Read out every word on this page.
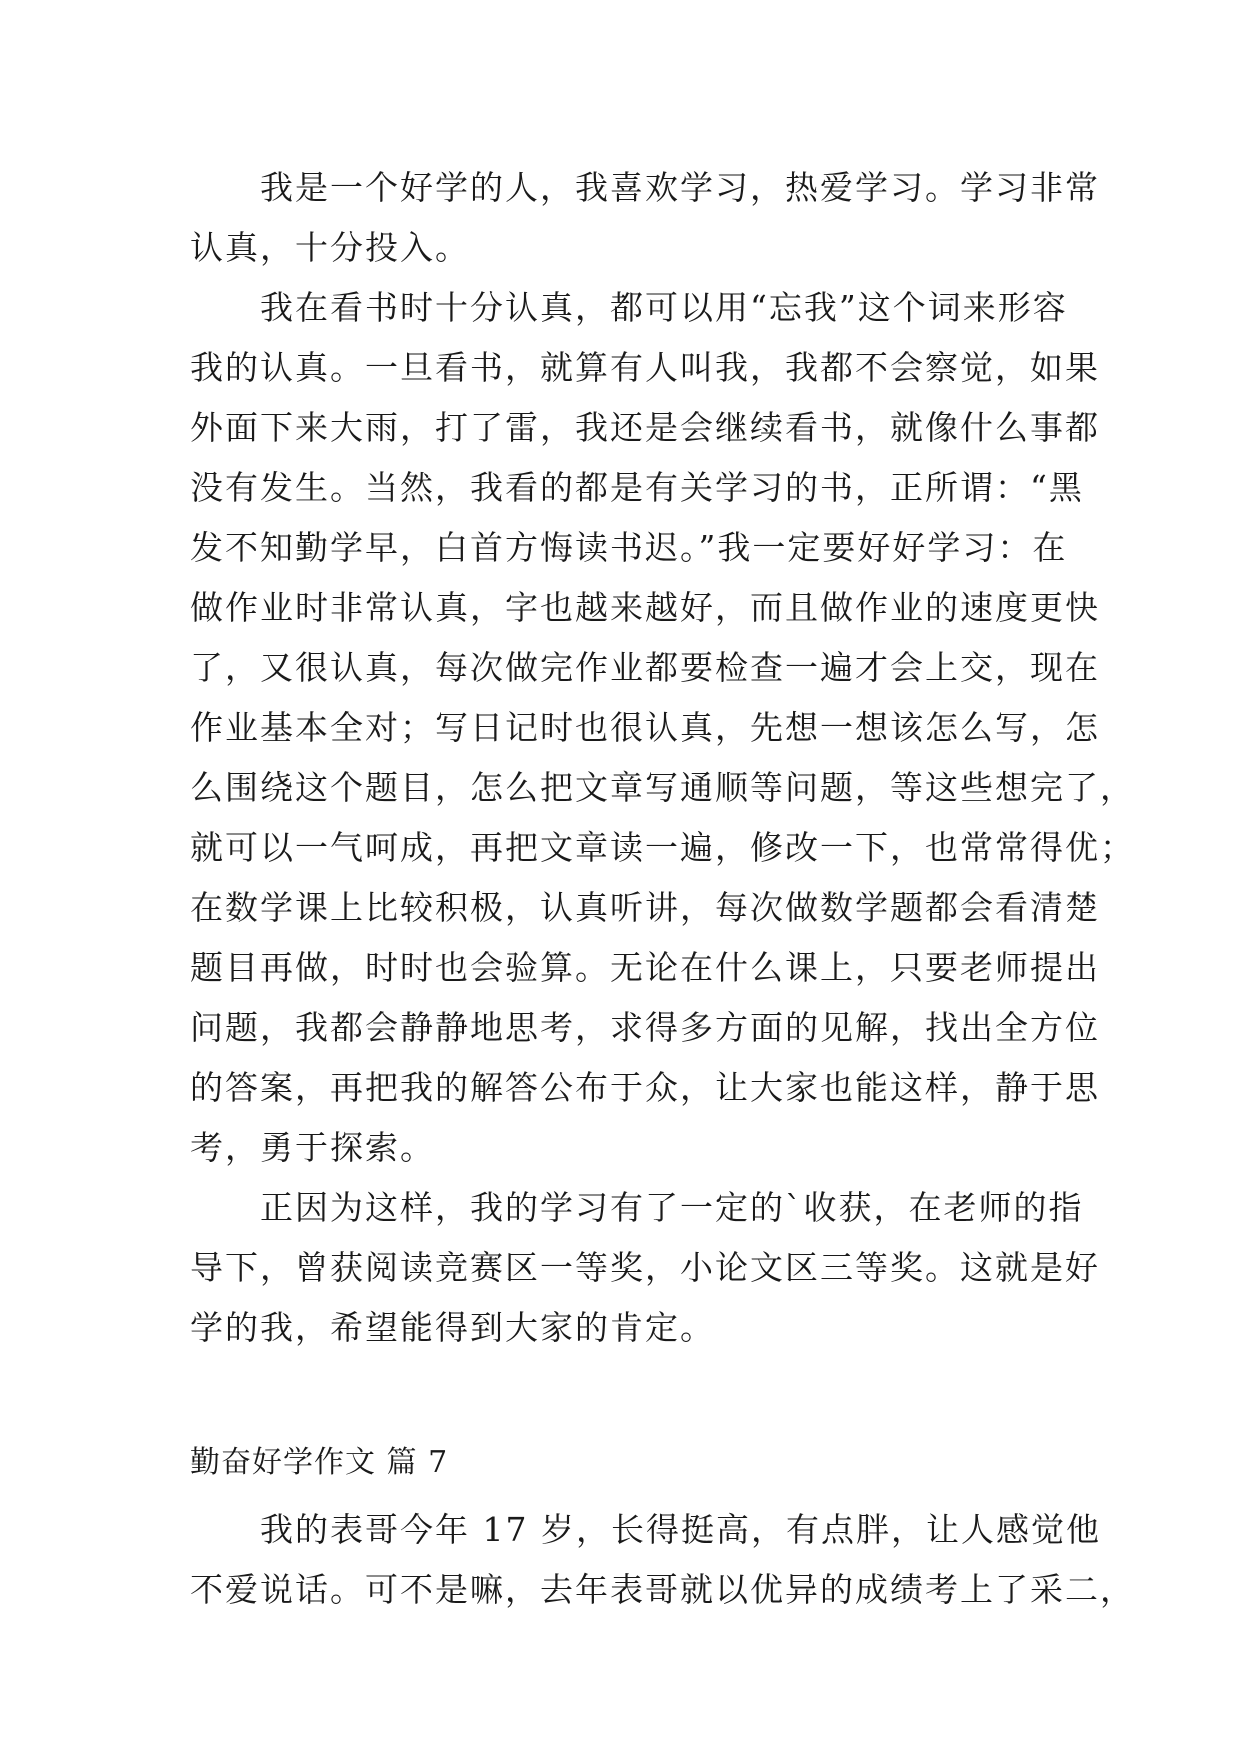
　　我是一个好学的人，我喜欢学习，热爱学习。学习非常
认真，十分投入。
　　我在看书时十分认真，都可以用“忘我”这个词来形容
我的认真。一旦看书，就算有人叫我，我都不会察觉，如果
外面下来大雨，打了雷，我还是会继续看书，就像什么事都
没有发生。当然，我看的都是有关学习的书，正所谓：“黑
发不知勤学早，白首方悔读书迟。”我一定要好好学习：在
做作业时非常认真，字也越来越好，而且做作业的速度更快
了，又很认真，每次做完作业都要检查一遍才会上交，现在
作业基本全对；写日记时也很认真，先想一想该怎么写，怎
么围绕这个题目，怎么把文章写通顺等问题，等这些想完了，
就可以一气呵成，再把文章读一遍，修改一下，也常常得优；
在数学课上比较积极，认真听讲，每次做数学题都会看清楚
题目再做，时时也会验算。无论在什么课上，只要老师提出
问题，我都会静静地思考，求得多方面的见解，找出全方位
的答案，再把我的解答公布于众，让大家也能这样，静于思
考，勇于探索。
　　正因为这样，我的学习有了一定的`收获，在老师的指
导下，曾获阅读竞赛区一等奖，小论文区三等奖。这就是好
学的我，希望能得到大家的肯定。
勤奋好学作文 篇 7
　　我的表哥今年 17 岁，长得挺高，有点胖，让人感觉他
不爱说话。可不是嘛，去年表哥就以优异的成绩考上了采二，
